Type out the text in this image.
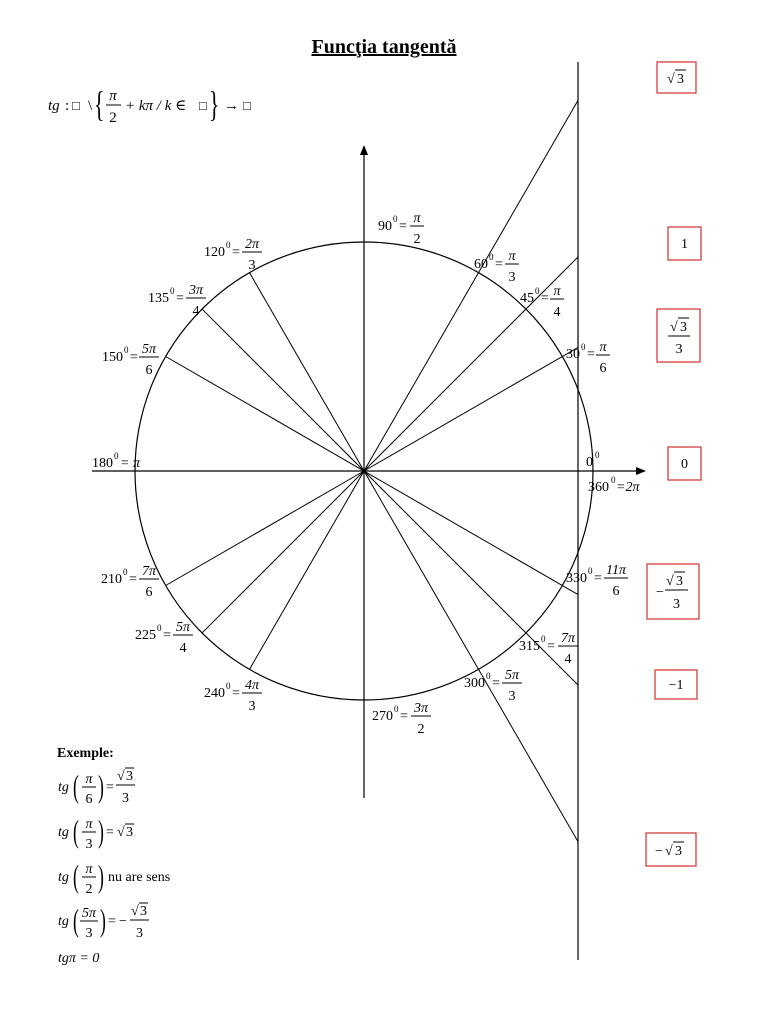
Funcţia tangentă
tg : □ \ { π
2
+ kπ / k ∈ □ } → □
0 0
360 0 =2π
30 0 = π
6
45 0 = π
4
60 0 =
π
3
90 0 =
π
2
120 0 =
2π
3
135 0 =
3π
4
150 0 =
5π
6
180 0 = π
210 0 =
7π
6
225 0 =
5π
4
240 0 =
4π
3
270 0 =
3π
2
300 0 =
5π
3
315 0 =
7π
4
330 0 =
11π
6
√ 3
1
√ 3
3
0
−
√ 3
3
−1
− √ 3
Exemple:
tg ( π
6 ) =
√ 3
3
tg ( π
3 ) = √ 3
tg ( π
2 ) nu are sens
tg ( 5π
3 ) = −
√ 3
3
tgπ = 0
